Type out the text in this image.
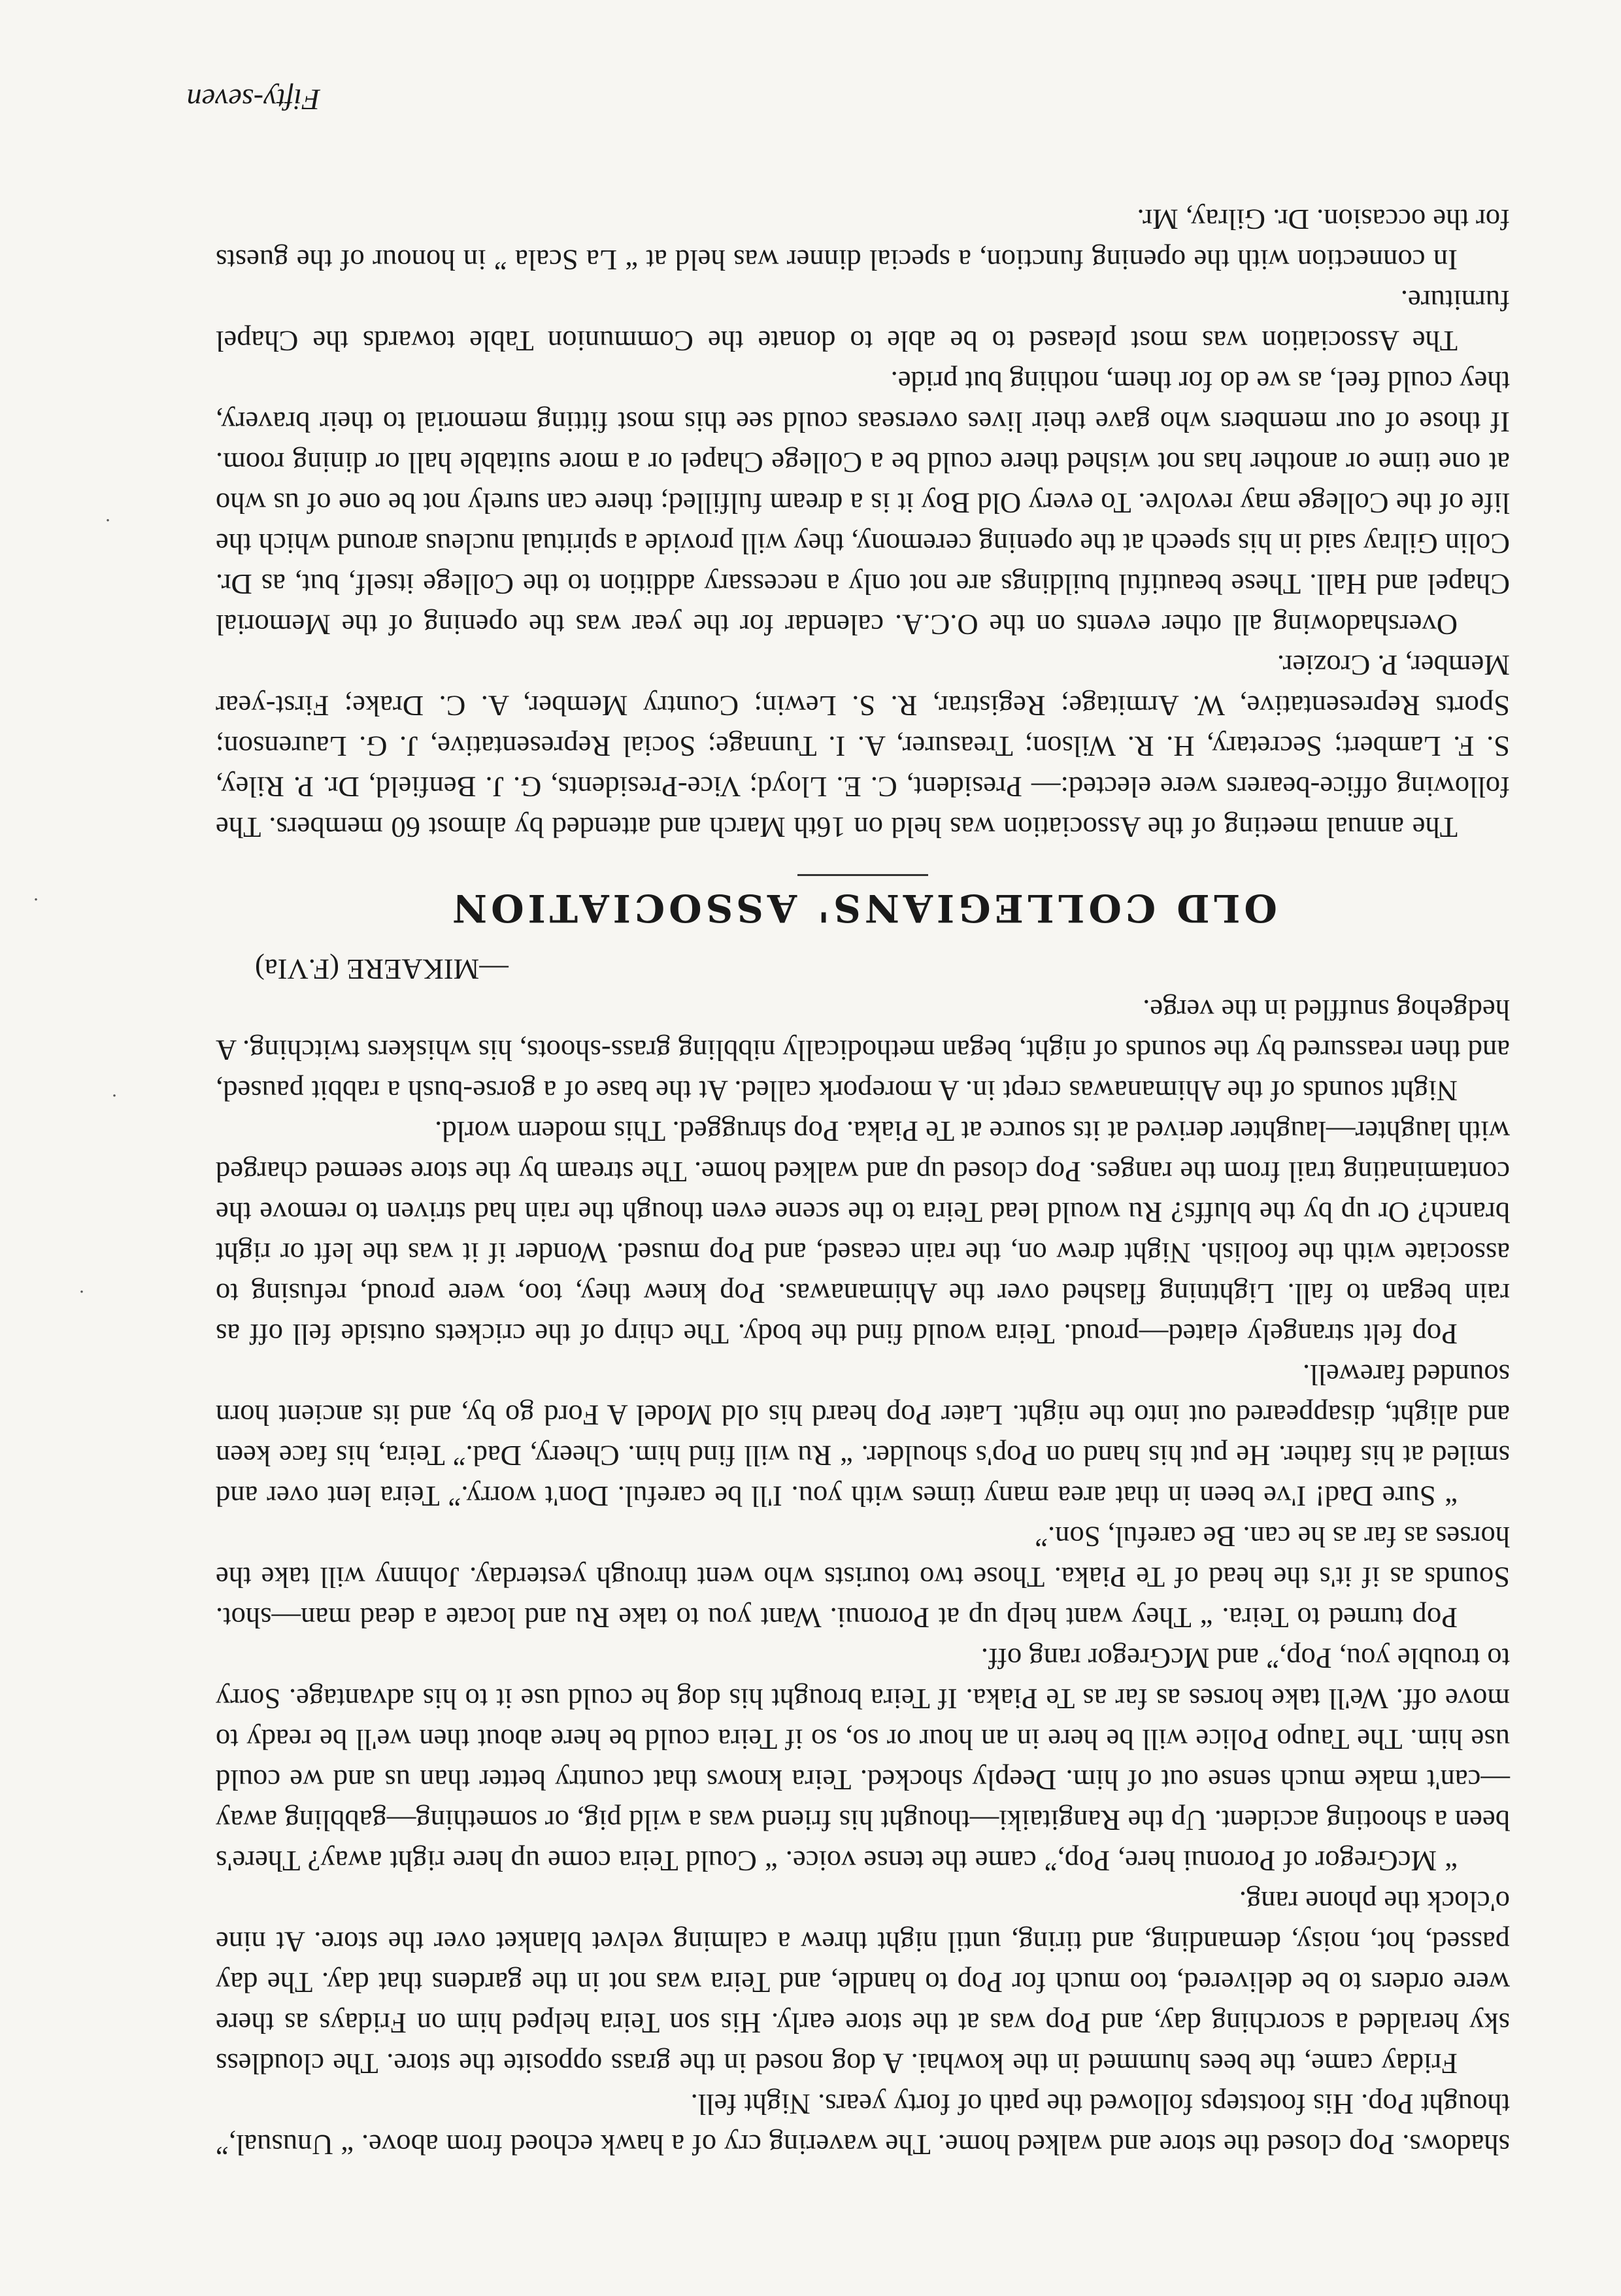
shadows. Pop closed the store and walked home. The wavering cry of a hawk echoed from above. “ Unusual,” thought Pop. His footsteps followed the path of forty years. Night fell.

Friday came, the bees hummed in the kowhai. A dog nosed in the grass opposite the store. The cloudless sky heralded a scorching day, and Pop was at the store early. His son Teira helped him on Fridays as there were orders to be delivered, too much for Pop to handle, and Teira was not in the gardens that day. The day passed, hot, noisy, demanding, and tiring, until night threw a calming velvet blanket over the store. At nine o'clock the phone rang.

“ McGregor of Poronui here, Pop,” came the tense voice. “ Could Teira come up here right away? There's been a shooting accident. Up the Rangitaiki—thought his friend was a wild pig, or something—gabbling away—can't make much sense out of him. Deeply shocked. Teira knows that country better than us and we could use him. The Taupo Police will be here in an hour or so, so if Teira could be here about then we'll be ready to move off. We'll take horses as far as Te Piaka. If Teira brought his dog he could use it to his advantage. Sorry to trouble you, Pop,” and McGregor rang off.

Pop turned to Teira. “ They want help up at Poronui. Want you to take Ru and locate a dead man—shot. Sounds as if it's the head of Te Piaka. Those two tourists who went through yesterday. Johnny will take the horses as far as he can. Be careful, Son.”

“ Sure Dad! I've been in that area many times with you. I'll be careful. Don't worry.” Teira lent over and smiled at his father. He put his hand on Pop's shoulder. “ Ru will find him. Cheery, Dad.” Teira, his face keen and alight, disappeared out into the night. Later Pop heard his old Model A Ford go by, and its ancient horn sounded farewell.

Pop felt strangely elated—proud. Teira would find the body. The chirp of the crickets outside fell off as rain began to fall. Lightning flashed over the Ahimanawas. Pop knew they, too, were proud, refusing to associate with the foolish. Night drew on, the rain ceased, and Pop mused. Wonder if it was the left or right branch? Or up by the bluffs? Ru would lead Teira to the scene even though the rain had striven to remove the contaminating trail from the ranges. Pop closed up and walked home. The stream by the store seemed charged with laughter—laughter derived at its source at Te Piaka. Pop shrugged. This modern world.

Night sounds of the Ahimanawas crept in. A morepork called. At the base of a gorse-bush a rabbit paused, and then reassured by the sounds of night, began methodically nibbling grass-shoots, his whiskers twitching. A hedgehog snuffled in the verge.

—MIKAERE (F.VIa)

OLD COLLEGIANS' ASSOCIATION

The annual meeting of the Association was held on 16th March and attended by almost 60 members. The following office-bearers were elected:— President, C. E. Lloyd; Vice-Presidents, G. J. Benfield, Dr. P. Riley, S. F. Lambert; Secretary, H. R. Wilson; Treasurer, A. I. Tunnage; Social Representative, J. G. Laurenson; Sports Representative, W. Armitage; Registrar, R. S. Lewin; Country Member, A. C. Drake; First-year Member, P. Crozier.

Overshadowing all other events on the O.C.A. calendar for the year was the opening of the Memorial Chapel and Hall. These beautiful buildings are not only a necessary addition to the College itself, but, as Dr. Colin Gilray said in his speech at the opening ceremony, they will provide a spiritual nucleus around which the life of the College may revolve. To every Old Boy it is a dream fulfilled; there can surely not be one of us who at one time or another has not wished there could be a College Chapel or a more suitable hall or dining room. If those of our members who gave their lives overseas could see this most fitting memorial to their bravery, they could feel, as we do for them, nothing but pride.

The Association was most pleased to be able to donate the Communion Table towards the Chapel furniture.

In connection with the opening function, a special dinner was held at “ La Scala ” in honour of the guests for the occasion. Dr. Gilray, Mr.

Fifty-seven
·
·
·
·
